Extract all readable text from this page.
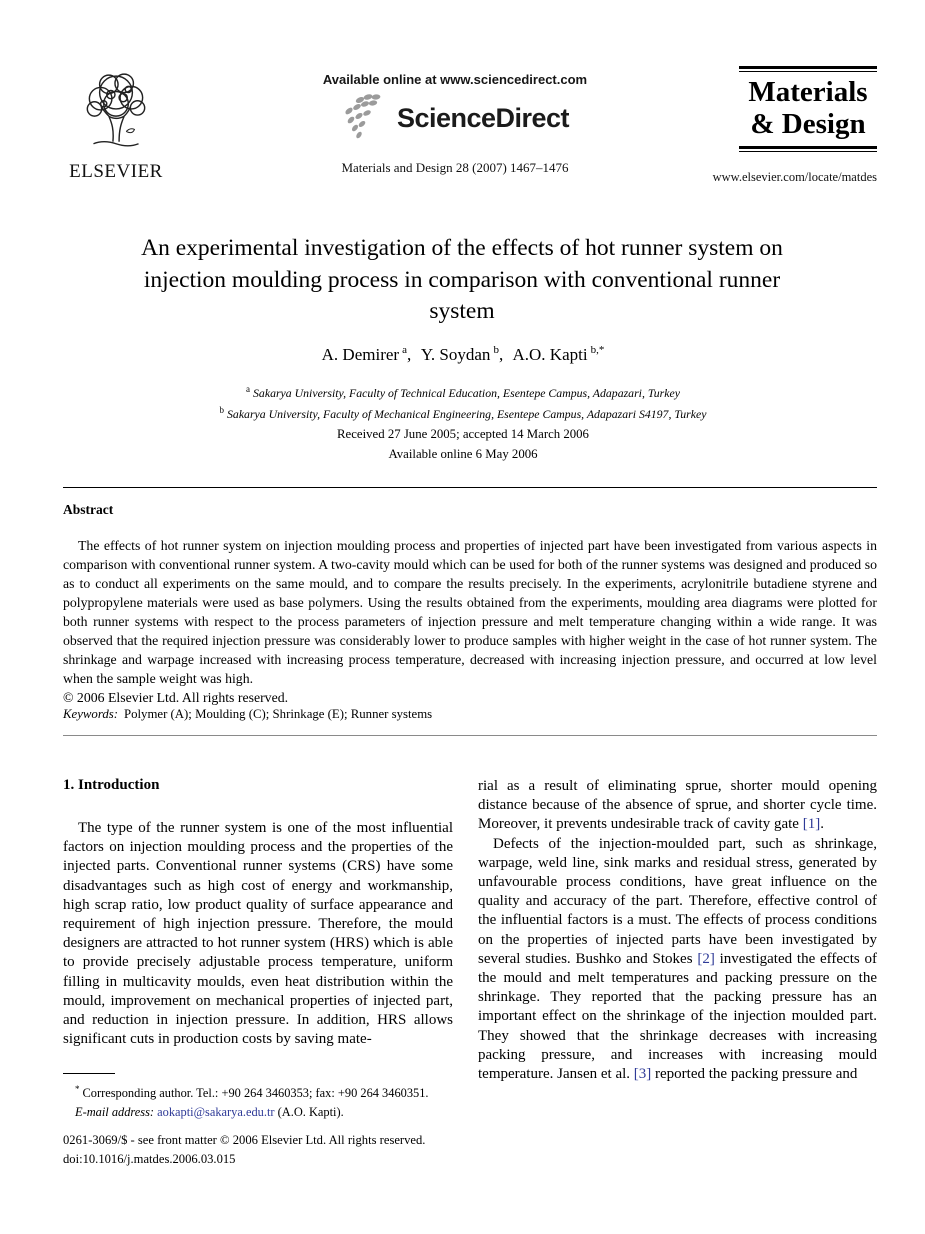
ELSEVIER
Available online at www.sciencedirect.com
ScienceDirect
Materials and Design 28 (2007) 1467–1476
Materials
& Design
www.elsevier.com/locate/matdes
An experimental investigation of the effects of hot runner system on injection moulding process in comparison with conventional runner system
A. Demirer $^a$, Y. Soydan $^b$, A.O. Kapti $^{b,*}$
$^a$ Sakarya University, Faculty of Technical Education, Esentepe Campus, Adapazari, Turkey
$^b$ Sakarya University, Faculty of Mechanical Engineering, Esentepe Campus, Adapazari S4197, Turkey
Received 27 June 2005; accepted 14 March 2006
Available online 6 May 2006
Abstract
The effects of hot runner system on injection moulding process and properties of injected part have been investigated from various aspects in comparison with conventional runner system. A two-cavity mould which can be used for both of the runner systems was designed and produced so as to conduct all experiments on the same mould, and to compare the results precisely. In the experiments, acrylonitrile butadiene styrene and polypropylene materials were used as base polymers. Using the results obtained from the experiments, moulding area diagrams were plotted for both runner systems with respect to the process parameters of injection pressure and melt temperature changing within a wide range. It was observed that the required injection pressure was considerably lower to produce samples with higher weight in the case of hot runner system. The shrinkage and warpage increased with increasing process temperature, decreased with increasing injection pressure, and occurred at low level when the sample weight was high.
© 2006 Elsevier Ltd. All rights reserved.
Keywords: Polymer (A); Moulding (C); Shrinkage (E); Runner systems
1. Introduction
The type of the runner system is one of the most influential factors on injection moulding process and the properties of the injected parts. Conventional runner systems (CRS) have some disadvantages such as high cost of energy and workmanship, high scrap ratio, low product quality of surface appearance and requirement of high injection pressure. Therefore, the mould designers are attracted to hot runner system (HRS) which is able to provide precisely adjustable process temperature, uniform filling in multicavity moulds, even heat distribution within the mould, improvement on mechanical properties of injected part, and reduction in injection pressure. In addition, HRS allows significant cuts in production costs by saving mate-
rial as a result of eliminating sprue, shorter mould opening distance because of the absence of sprue, and shorter cycle time. Moreover, it prevents undesirable track of cavity gate [1].
Defects of the injection-moulded part, such as shrinkage, warpage, weld line, sink marks and residual stress, generated by unfavourable process conditions, have great influence on the quality and accuracy of the part. Therefore, effective control of the influential factors is a must. The effects of process conditions on the properties of injected parts have been investigated by several studies. Bushko and Stokes [2] investigated the effects of the mould and melt temperatures and packing pressure on the shrinkage. They reported that the packing pressure has an important effect on the shrinkage of the injection moulded part. They showed that the shrinkage decreases with increasing packing pressure, and increases with increasing mould temperature. Jansen et al. [3] reported the packing pressure and
* Corresponding author. Tel.: +90 264 3460353; fax: +90 264 3460351.
E-mail address: aokapti@sakarya.edu.tr (A.O. Kapti).
0261-3069/$ - see front matter © 2006 Elsevier Ltd. All rights reserved.
doi:10.1016/j.matdes.2006.03.015
